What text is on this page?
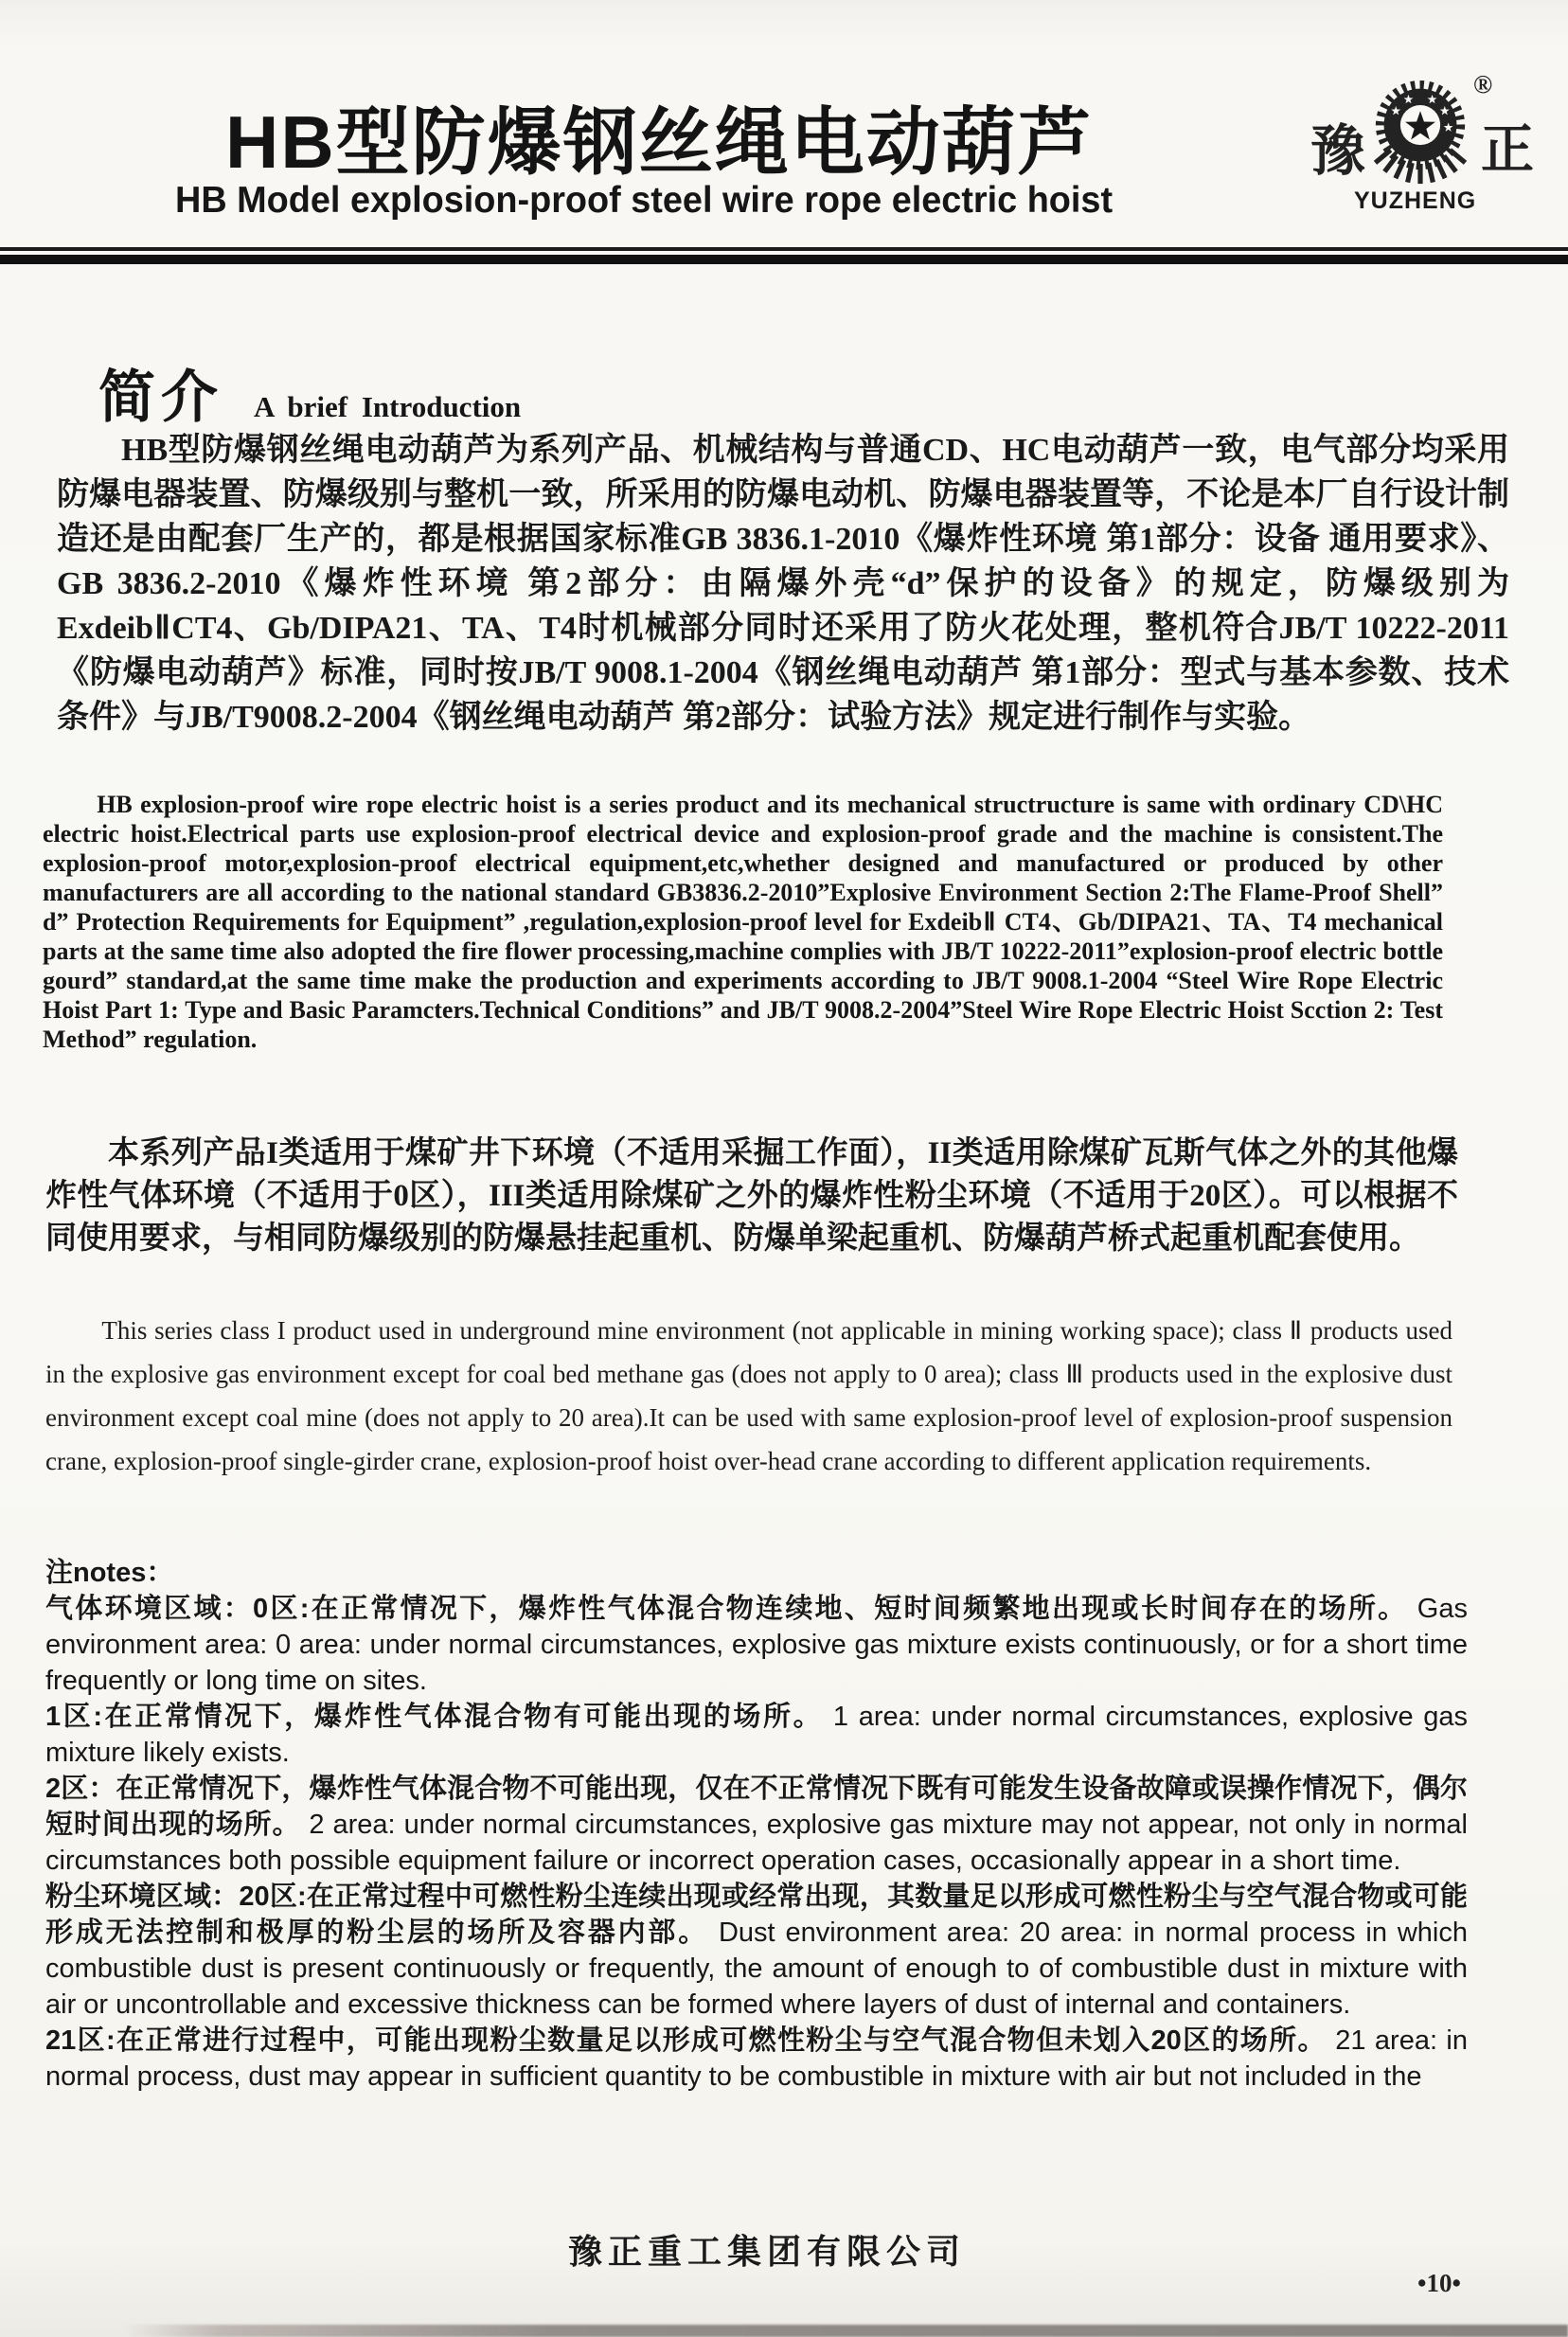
HB型防爆钢丝绳电动葫芦
HB Model explosion-proof steel wire rope electric hoist
豫 正
®
YUZHENG
简介 A brief Introduction
HB型防爆钢丝绳电动葫芦为系列产品、机械结构与普通CD、HC电动葫芦一致，电气部分均采用防爆电器装置、防爆级别与整机一致，所采用的防爆电动机、防爆电器装置等，不论是本厂自行设计制造还是由配套厂生产的，都是根据国家标准GB 3836.1-2010《爆炸性环境 第1部分：设备 通用要求》、GB 3836.2-2010《爆炸性环境 第2部分：由隔爆外壳“d”保护的设备》的规定，防爆级别为ExdeibⅡCT4、Gb/DIPA21、TA、T4时机械部分同时还采用了防火花处理，整机符合JB/T 10222-2011《防爆电动葫芦》标准，同时按JB/T 9008.1-2004《钢丝绳电动葫芦 第1部分：型式与基本参数、技术条件》与JB/T9008.2-2004《钢丝绳电动葫芦 第2部分：试验方法》规定进行制作与实验。
HB explosion-proof wire rope electric hoist is a series product and its mechanical structructure is same with ordinary CD\HC electric hoist.Electrical parts use explosion-proof electrical device and explosion-proof grade and the machine is consistent.The explosion-proof motor,explosion-proof electrical equipment,etc,whether designed and manufactured or produced by other manufacturers are all according to the national standard GB3836.2-2010”Explosive Environment Section 2:The Flame-Proof Shell” d” Protection Requirements for Equipment” ,regulation,explosion-proof level for ExdeibⅡ CT4、Gb/DIPA21、TA、T4 mechanical parts at the same time also adopted the fire flower processing,machine complies with JB/T 10222-2011”explosion-proof electric bottle gourd” standard,at the same time make the production and experiments according to JB/T 9008.1-2004 “Steel Wire Rope Electric Hoist Part 1: Type and Basic Paramcters.Technical Conditions” and JB/T 9008.2-2004”Steel Wire Rope Electric Hoist Scction 2: Test Method” regulation.
本系列产品I类适用于煤矿井下环境（不适用采掘工作面），II类适用除煤矿瓦斯气体之外的其他爆炸性气体环境（不适用于0区），III类适用除煤矿之外的爆炸性粉尘环境（不适用于20区）。可以根据不同使用要求，与相同防爆级别的防爆悬挂起重机、防爆单梁起重机、防爆葫芦桥式起重机配套使用。
This series class I product used in underground mine environment (not applicable in mining working space); class Ⅱ products used in the explosive gas environment except for coal bed methane gas (does not apply to 0 area); class Ⅲ products used in the explosive dust environment except coal mine (does not apply to 20 area).It can be used with same explosion-proof level of explosion-proof suspension crane, explosion-proof single-girder crane, explosion-proof hoist over-head crane according to different application requirements.

注notes：

气体环境区域：0区:在正常情况下，爆炸性气体混合物连续地、短时间频繁地出现或长时间存在的场所。 Gas environment area: 0 area: under normal circumstances, explosive gas mixture exists continuously, or for a short time frequently or long time on sites.

1区:在正常情况下，爆炸性气体混合物有可能出现的场所。 1 area: under normal circumstances, explosive gas mixture likely exists.

2区：在正常情况下，爆炸性气体混合物不可能出现，仅在不正常情况下既有可能发生设备故障或误操作情况下，偶尔短时间出现的场所。 2 area: under normal circumstances, explosive gas mixture may not appear, not only in normal circumstances both possible equipment failure or incorrect operation cases, occasionally appear in a short time.

粉尘环境区域：20区:在正常过程中可燃性粉尘连续出现或经常出现，其数量足以形成可燃性粉尘与空气混合物或可能形成无法控制和极厚的粉尘层的场所及容器内部。 Dust environment area: 20 area: in normal process in which combustible dust is present continuously or frequently, the amount of enough to of combustible dust in mixture with air or uncontrollable and excessive thickness can be formed where layers of dust of internal and containers.

21区:在正常进行过程中，可能出现粉尘数量足以形成可燃性粉尘与空气混合物但未划入20区的场所。 21 area: in normal process, dust may appear in sufficient quantity to be combustible in mixture with air but not included in the

豫正重工集团有限公司
•10•
